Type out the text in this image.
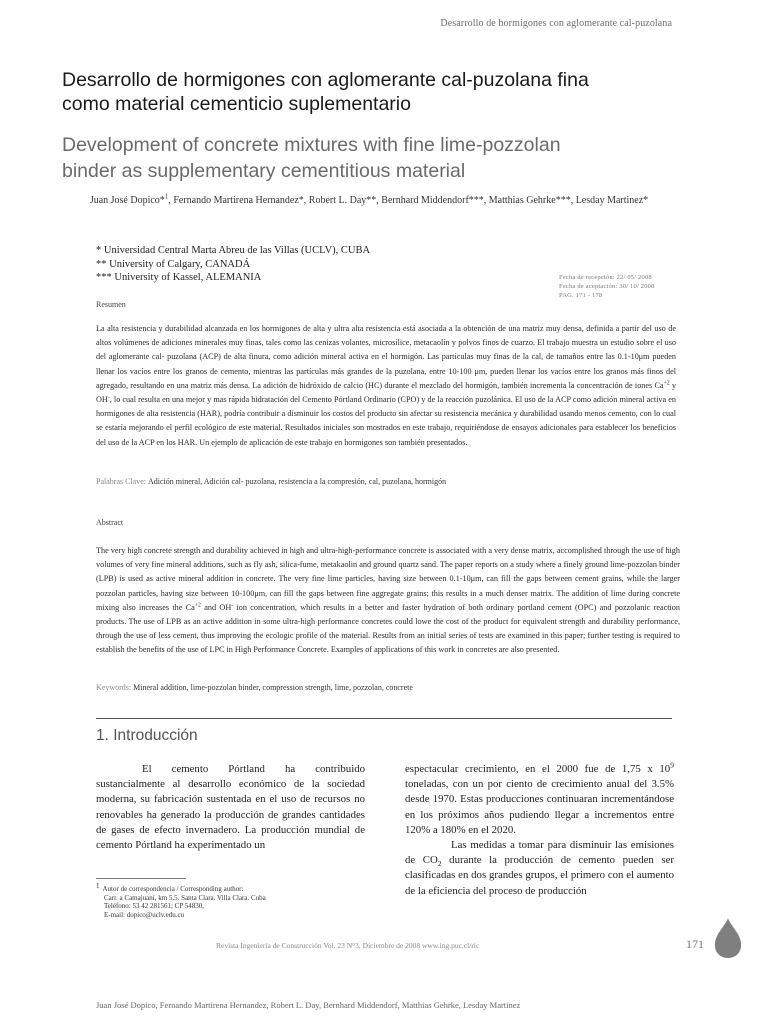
Desarrollo de hormigones con aglomerante cal-puzolana
Desarrollo de hormigones con aglomerante cal-puzolana fina
como material cementicio suplementario
Development of concrete mixtures with fine lime-pozzolan
binder as supplementary cementitious material
Juan José Dopico*$^1$, Fernando Martirena Hernandez*, Robert L. Day**, Bernhard Middendorf***, Matthias Gehrke***, Lesday Martinez*
* Universidad Central Marta Abreu de las Villas (UCLV), CUBA
** University of Calgary, CANADÁ
*** University of Kassel, ALEMANIA	Fecha de recepción: 22/ 05/ 2008
Fecha de aceptación: 30/ 10/ 2008
PAG. 171 - 178
Resumen
La alta resistencia y durabilidad alcanzada en los hormigones de alta y ultra alta resistencia está asociada a la obtención de una matriz muy densa, definida a partir del uso de altos volúmenes de adiciones minerales muy finas, tales como las cenizas volantes, microsílice, metacaolín y polvos finos de cuarzo. El trabajo muestra un estudio sobre el uso del aglomerante cal- puzolana (ACP) de alta finura, como adición mineral activa en el hormigón. Las partículas muy finas de la cal, de tamaños entre las 0.1-10μm pueden llenar los vacíos entre los granos de cemento, mientras las partículas más grandes de la puzolana, entre 10-100 μm, pueden llenar los vacíos entre los granos más finos del agregado, resultando en una matriz más densa. La adición de hidróxido de calcio (HC) durante el mezclado del hormigón, también incrementa la concentración de iones $Ca^{+2}$ y OH-, lo cual resulta en una mejor y mas rápida hidratación del Cemento Pórtland Ordinario (CPO) y de la reacción puzolánica. El uso de la ACP como adición mineral activa en hormigones de alta resistencia (HAR), podría contribuir a disminuir los costos del producto sin afectar su resistencia mecánica y durabilidad usando menos cemento, con lo cual se estaría mejorando el perfil ecológico de este material. Resultados iniciales son mostrados en este trabajo, requiriéndose de ensayos adicionales para establecer los beneficios del uso de la ACP en los HAR. Un ejemplo de aplicación de este trabajo en hormigones son también presentados.
Palabras Clave: Adición mineral, Adición cal- puzolana, resistencia a la compresión, cal, puzolana, hormigón
Abstract
The very high concrete strength and durability achieved in high and ultra-high-performance concrete is associated with a very dense matrix, accomplished through the use of high volumes of very fine mineral additions, such as fly ash, silica-fume, metakaolin and ground quartz sand. The paper reports on a study where a finely ground lime-pozzolan binder (LPB) is used as active mineral addition in concrete. The very fine lime particles, having size between 0.1-10μm, can fill the gaps between cement grains, while the larger pozzolan particles, having size between 10-100μm, can fill the gaps between fine aggregate grains; this results in a much denser matrix. The addition of lime during concrete mixing also increases the $Ca^{+2}$ and OH- ion concentration, which results in a better and faster hydration of both ordinary portland cement (OPC) and pozzolanic reaction products. The use of LPB as an active addition in some ultra-high performance concretes could lowe the cost of the product for equivalent strength and durability performance, through the use of less cement, thus improving the ecologic profile of the material. Results from an initial series of tests are examined in this paper; further testing is required to establish the benefits of the use of LPC in High Performance Concrete. Examples of applications of this work in concretes are also presented.
Keywords: Mineral addition, lime-pozzolan binder, compression strength, lime, pozzolan, concrete
1. Introducción
El cemento Pórtland ha contribuido sustancialmente al desarrollo económico de la sociedad moderna, su fabricación sustentada en el uso de recursos no renovables ha generado la producción de grandes cantidades de gases de efecto invernadero. La producción mundial de cemento Pórtland ha experimentado un
espectacular crecimiento, en el 2000 fue de 1,75 x $10^9$ toneladas, con un por ciento de crecimiento anual del 3.5% desde 1970. Estas producciones continuaran incrementándose en los próximos años pudiendo llegar a incrementos entre 120% a 180% en el 2020.
Las medidas a tomar para disminuir las emisiones de $CO_2$ durante la producción de cemento pueden ser clasificadas en dos grandes grupos, el primero con el aumento de la eficiencia del proceso de producción
1 Autor de correspondencia / Corresponding author:
Carr. a Camajuaní, km 5,5. Santa Clara. Villa Clara. Cuba
Teléfono: 53 42 281561; CP 54830,
E-mail: dopico@uclv.edu.cu
Revista Ingeniería de Construcción Vol. 23 N°3, Diciembre de 2008 www.ing.puc.cl/ric	171
Juan José Dopico, Fernando Martirena Hernandez, Robert L. Day, Bernhard Middendorf, Matthias Gehrke, Lesday Martinez
